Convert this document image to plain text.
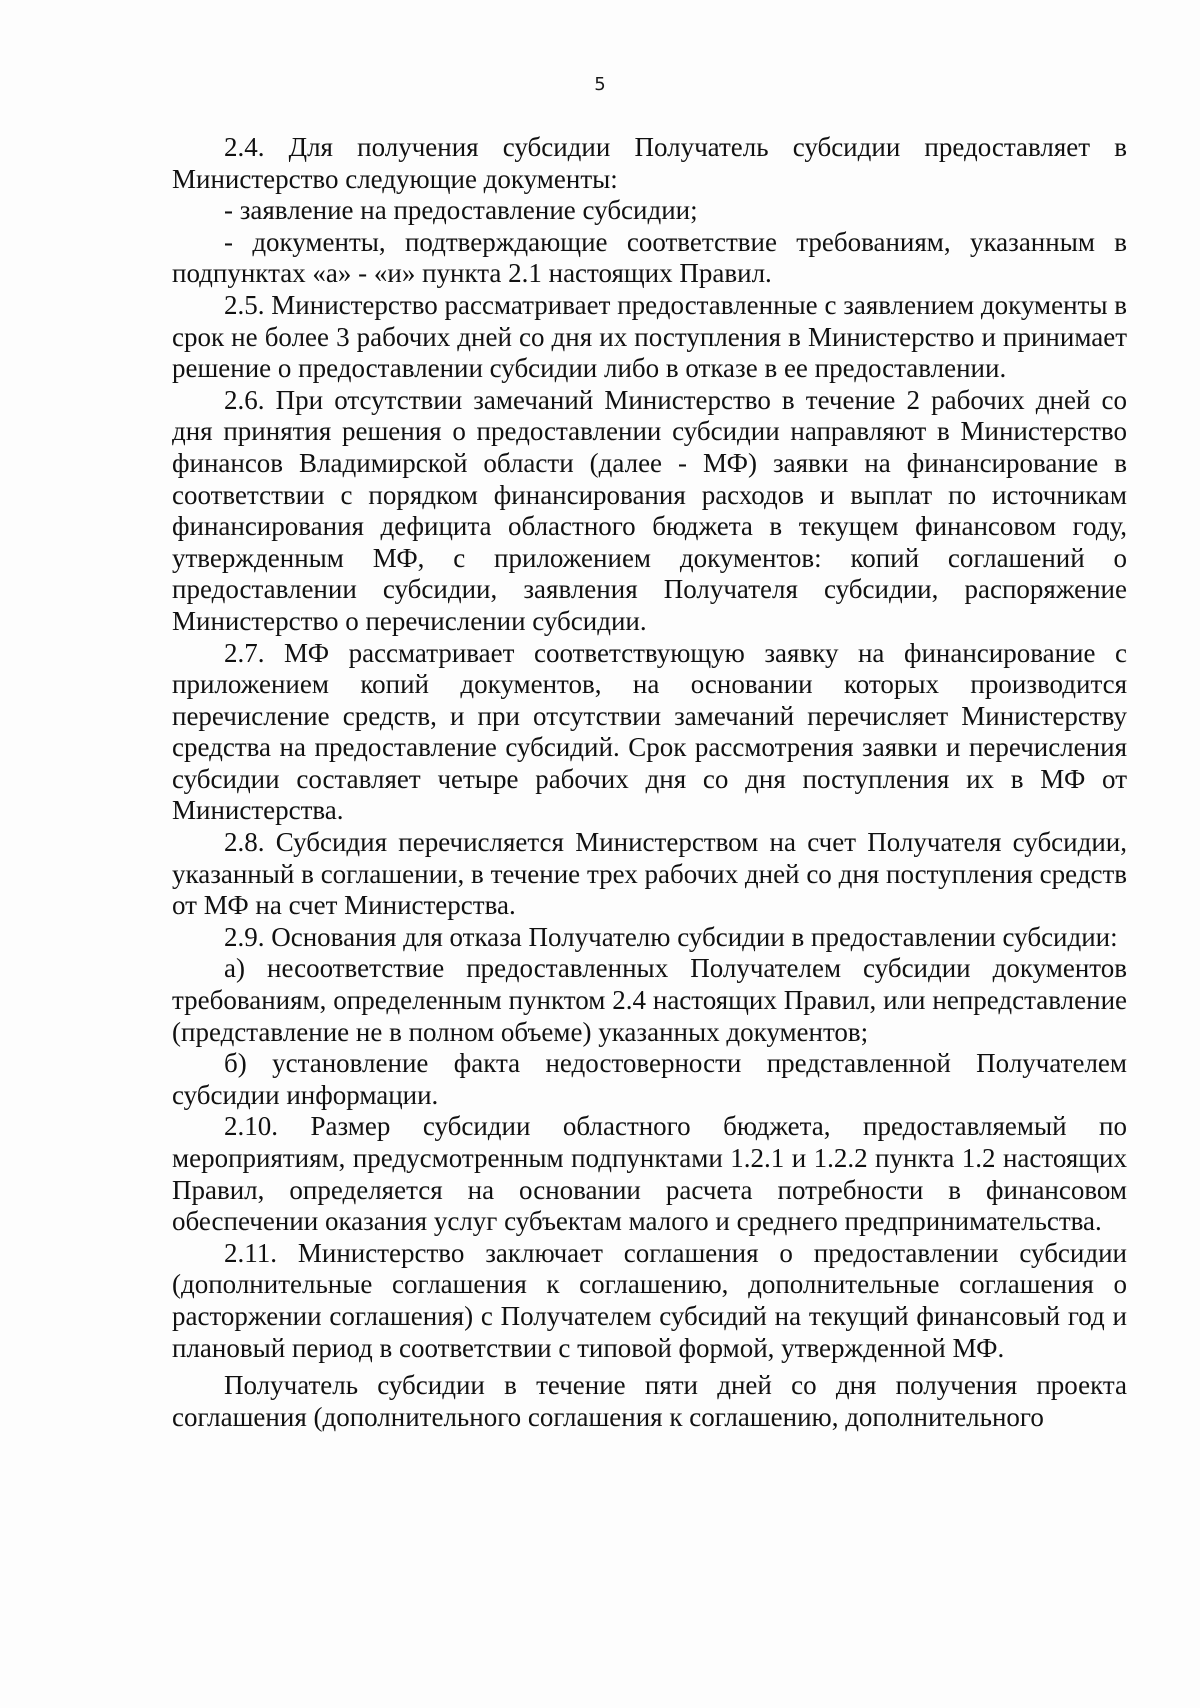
5

2.4. Для получения субсидии Получатель субсидии предоставляет в Министерство следующие документы:

- заявление на предоставление субсидии;

- документы, подтверждающие соответствие требованиям, указанным в подпунктах «а» - «и» пункта 2.1 настоящих Правил.

2.5. Министерство рассматривает предоставленные с заявлением документы в срок не более 3 рабочих дней со дня их поступления в Министерство и принимает решение о предоставлении субсидии либо в отказе в ее предоставлении.

2.6. При отсутствии замечаний Министерство в течение 2 рабочих дней со дня принятия решения о предоставлении субсидии направляют в Министерство финансов Владимирской области (далее - МФ) заявки на финансирование в соответствии с порядком финансирования расходов и выплат по источникам финансирования дефицита областного бюджета в текущем финансовом году, утвержденным МФ, с приложением документов: копий соглашений о предоставлении субсидии, заявления Получателя субсидии, распоряжение Министерство о перечислении субсидии.

2.7. МФ рассматривает соответствующую заявку на финансирование с приложением копий документов, на основании которых производится перечисление средств, и при отсутствии замечаний перечисляет Министерству средства на предоставление субсидий. Срок рассмотрения заявки и перечисления субсидии составляет четыре рабочих дня со дня поступления их в МФ от Министерства.

2.8. Субсидия перечисляется Министерством на счет Получателя субсидии, указанный в соглашении, в течение трех рабочих дней со дня поступления средств от МФ на счет Министерства.

2.9. Основания для отказа Получателю субсидии в предоставлении субсидии:

а) несоответствие предоставленных Получателем субсидии документов требованиям, определенным пунктом 2.4 настоящих Правил, или непредставление (представление не в полном объеме) указанных документов;

б) установление факта недостоверности представленной Получателем субсидии информации.

2.10. Размер субсидии областного бюджета, предоставляемый по мероприятиям, предусмотренным подпунктами 1.2.1 и 1.2.2 пункта 1.2 настоящих Правил, определяется на основании расчета потребности в финансовом обеспечении оказания услуг субъектам малого и среднего предпринимательства.

2.11. Министерство заключает соглашения о предоставлении субсидии (дополнительные соглашения к соглашению, дополнительные соглашения о расторжении соглашения) с Получателем субсидий на текущий финансовый год и плановый период в соответствии с типовой формой, утвержденной МФ.

Получатель субсидии в течение пяти дней со дня получения проекта соглашения (дополнительного соглашения к соглашению, дополнительного
